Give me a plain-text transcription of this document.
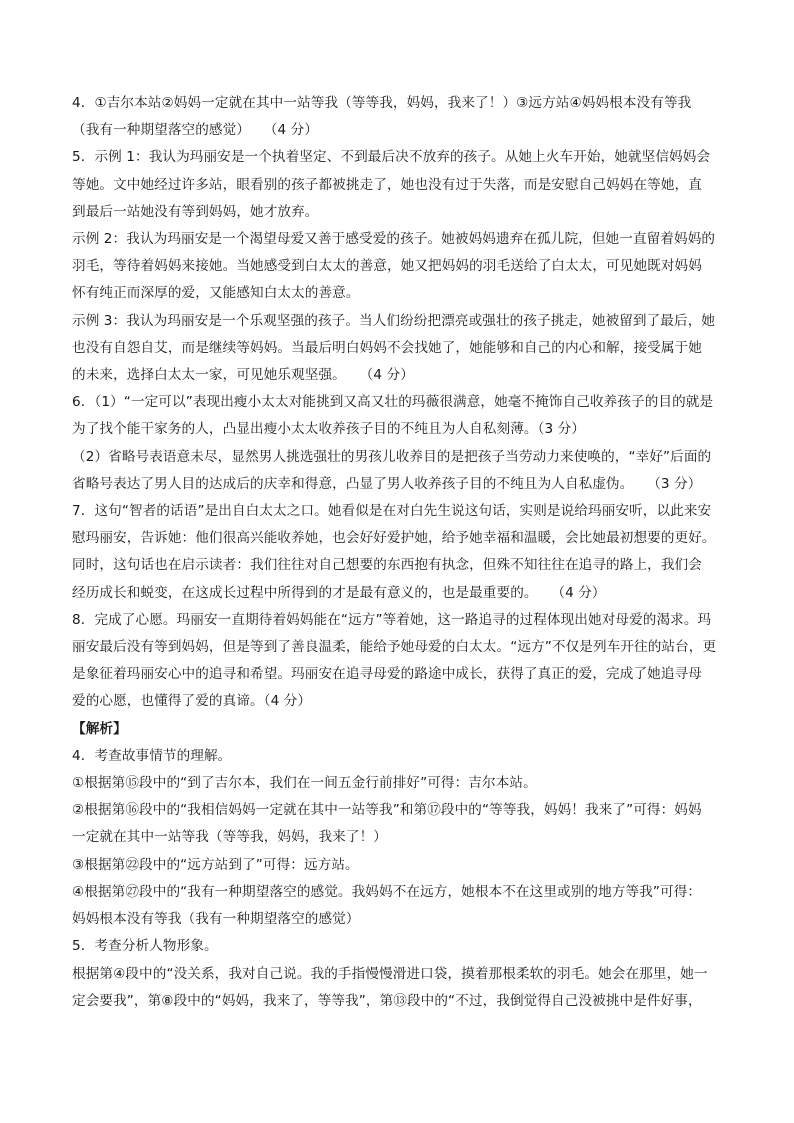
4．①吉尔本站②妈妈一定就在其中一站等我（等等我，妈妈，我来了！）③远方站④妈妈根本没有等我
（我有一种期望落空的感觉）　　（4 分）
5．示例 1：我认为玛丽安是一个执着坚定、不到最后决不放弃的孩子。从她上火车开始，她就坚信妈妈会
等她。文中她经过许多站，眼看别的孩子都被挑走了，她也没有过于失落，而是安慰自己妈妈在等她，直
到最后一站她没有等到妈妈，她才放弃。
示例 2：我认为玛丽安是一个渴望母爱又善于感受爱的孩子。她被妈妈遗弃在孤儿院，但她一直留着妈妈的
羽毛，等待着妈妈来接她。当她感受到白太太的善意，她又把妈妈的羽毛送给了白太太，可见她既对妈妈
怀有纯正而深厚的爱，又能感知白太太的善意。
示例 3：我认为玛丽安是一个乐观坚强的孩子。当人们纷纷把漂亮或强壮的孩子挑走，她被留到了最后，她
也没有自怨自艾，而是继续等妈妈。当最后明白妈妈不会找她了，她能够和自己的内心和解，接受属于她
的未来，选择白太太一家，可见她乐观坚强。　　（4 分）
6．（1）“一定可以”表现出瘦小太太对能挑到又高又壮的玛薇很满意，她毫不掩饰自己收养孩子的目的就是
为了找个能干家务的人，凸显出瘦小太太收养孩子目的不纯且为人自私刻薄。（3 分）
（2）省略号表语意未尽，显然男人挑选强壮的男孩儿收养目的是把孩子当劳动力来使唤的，“幸好”后面的
省略号表达了男人目的达成后的庆幸和得意，凸显了男人收养孩子目的不纯且为人自私虚伪。　　（3 分）
7．这句“智者的话语”是出自白太太之口。她看似是在对白先生说这句话，实则是说给玛丽安听，以此来安
慰玛丽安，告诉她：他们很高兴能收养她，也会好好爱护她，给予她幸福和温暖，会比她最初想要的更好。
同时，这句话也在启示读者：我们往往对自己想要的东西抱有执念，但殊不知往往在追寻的路上，我们会
经历成长和蜕变，在这成长过程中所得到的才是最有意义的，也是最重要的。　　（4 分）
8．完成了心愿。玛丽安一直期待着妈妈能在“远方”等着她，这一路追寻的过程体现出她对母爱的渴求。玛
丽安最后没有等到妈妈，但是等到了善良温柔，能给予她母爱的白太太。“远方”不仅是列车开往的站台，更
是象征着玛丽安心中的追寻和希望。玛丽安在追寻母爱的路途中成长，获得了真正的爱，完成了她追寻母
爱的心愿，也懂得了爱的真谛。（4 分）
【解析】
4．考查故事情节的理解。
①根据第⑮段中的“到了吉尔本，我们在一间五金行前排好”可得：吉尔本站。
②根据第⑯段中的“我相信妈妈一定就在其中一站等我”和第⑰段中的“等等我，妈妈！我来了”可得：妈妈
一定就在其中一站等我（等等我，妈妈，我来了！）
③根据第㉒段中的“远方站到了”可得：远方站。
④根据第㉗段中的“我有一种期望落空的感觉。我妈妈不在远方，她根本不在这里或别的地方等我”可得：
妈妈根本没有等我（我有一种期望落空的感觉）
5．考查分析人物形象。
根据第④段中的“没关系，我对自己说。我的手指慢慢滑进口袋，摸着那根柔软的羽毛。她会在那里，她一
定会要我”，第⑧段中的“妈妈，我来了，等等我”，第⑬段中的“不过，我倒觉得自己没被挑中是件好事，
